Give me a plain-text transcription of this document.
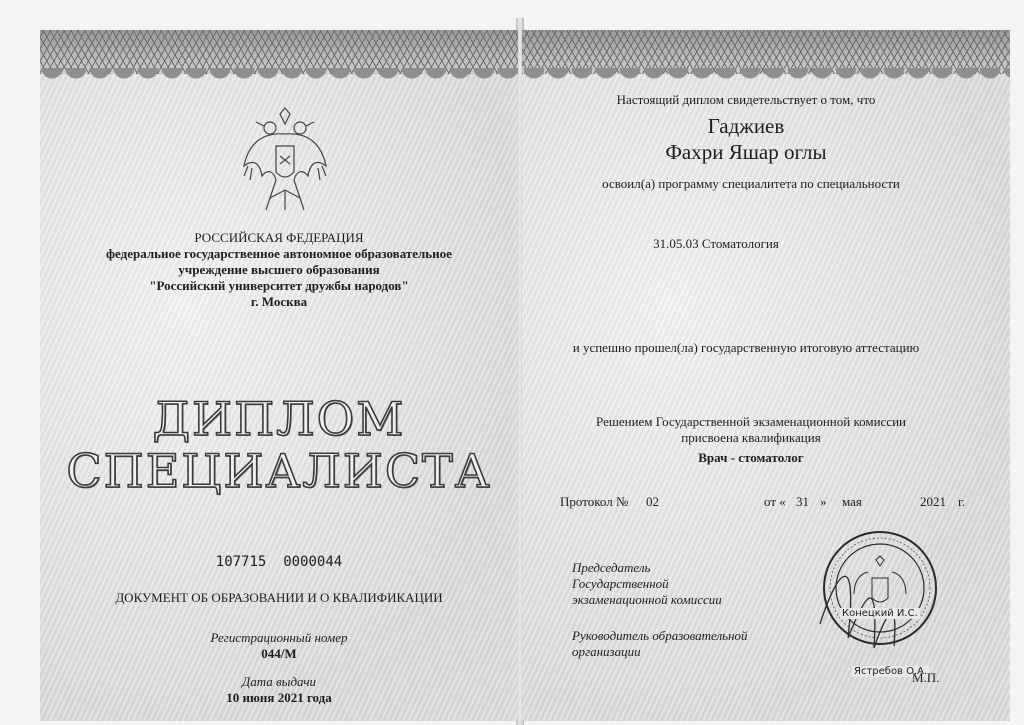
РОССИЙСКАЯ ФЕДЕРАЦИЯ
федеральное государственное автономное образовательное
учреждение высшего образования
"Российский университет дружбы народов"
г. Москва
ДИПЛОМ
СПЕЦИАЛИСТА
107715 0000044
ДОКУМЕНТ ОБ ОБРАЗОВАНИИ И О КВАЛИФИКАЦИИ
Регистрационный номер
044/М
Дата выдачи
10 июня 2021 года
Настоящий диплом свидетельствует о том, что
Гаджиев
Фахри Яшар оглы
освоил(а) программу специалитета по специальности
31.05.03 Стоматология
и успешно прошел(ла) государственную итоговую аттестацию
Решением Государственной экзаменационной комиссии
присвоена квалификация
Врач - стоматолог
Протокол № 02	от « 31 » мая	2021 г.
Председатель
Государственной
экзаменационной комиссии
Руководитель образовательной
организации
Конецкий И.С.
Ястребов О.А.
М.П.
